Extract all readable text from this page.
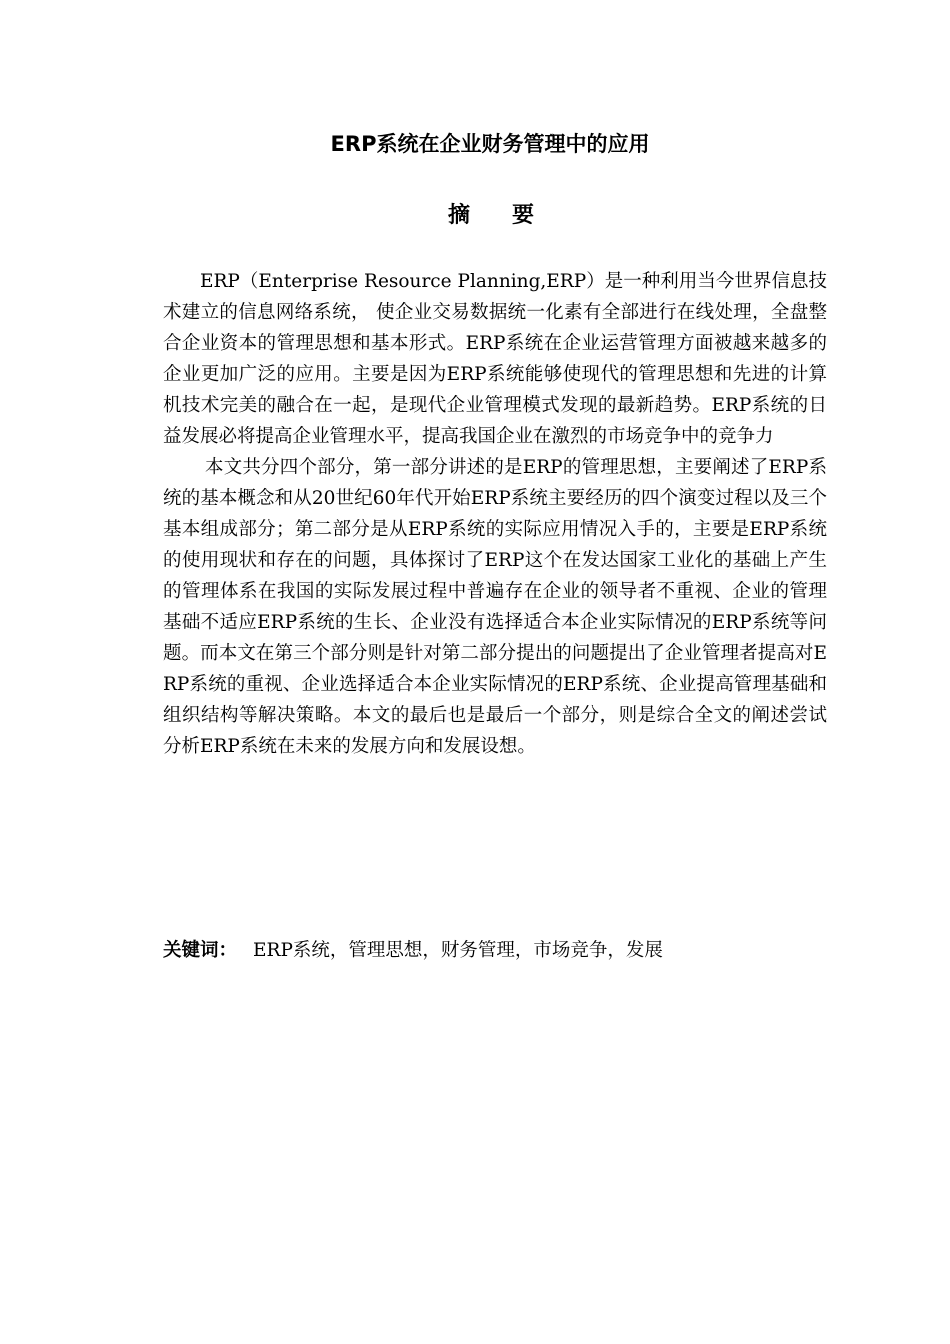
ERP系统在企业财务管理中的应用
摘要

ERP（Enterprise Resource Planning,ERP）是一种利用当今世界信息技术建立的信息网络系统， 使企业交易数据统一化素有全部进行在线处理，全盘整合企业资本的管理思想和基本形式。ERP系统在企业运营管理方面被越来越多的企业更加广泛的应用。主要是因为ERP系统能够使现代的管理思想和先进的计算机技术完美的融合在一起，是现代企业管理模式发现的最新趋势。ERP系统的日益发展必将提高企业管理水平，提高我国企业在激烈的市场竞争中的竞争力

本文共分四个部分，第一部分讲述的是ERP的管理思想，主要阐述了ERP系统的基本概念和从20世纪60年代开始ERP系统主要经历的四个演变过程以及三个基本组成部分；第二部分是从ERP系统的实际应用情况入手的，主要是ERP系统的使用现状和存在的问题，具体探讨了ERP这个在发达国家工业化的基础上产生的管理体系在我国的实际发展过程中普遍存在企业的领导者不重视、企业的管理基础不适应ERP系统的生长、企业没有选择适合本企业实际情况的ERP系统等问题。而本文在第三个部分则是针对第二部分提出的问题提出了企业管理者提高对ERP系统的重视、企业选择适合本企业实际情况的ERP系统、企业提高管理基础和组织结构等解决策略。本文的最后也是最后一个部分，则是综合全文的阐述尝试分析ERP系统在未来的发展方向和发展设想。

关键词： ERP系统，管理思想，财务管理，市场竞争，发展
